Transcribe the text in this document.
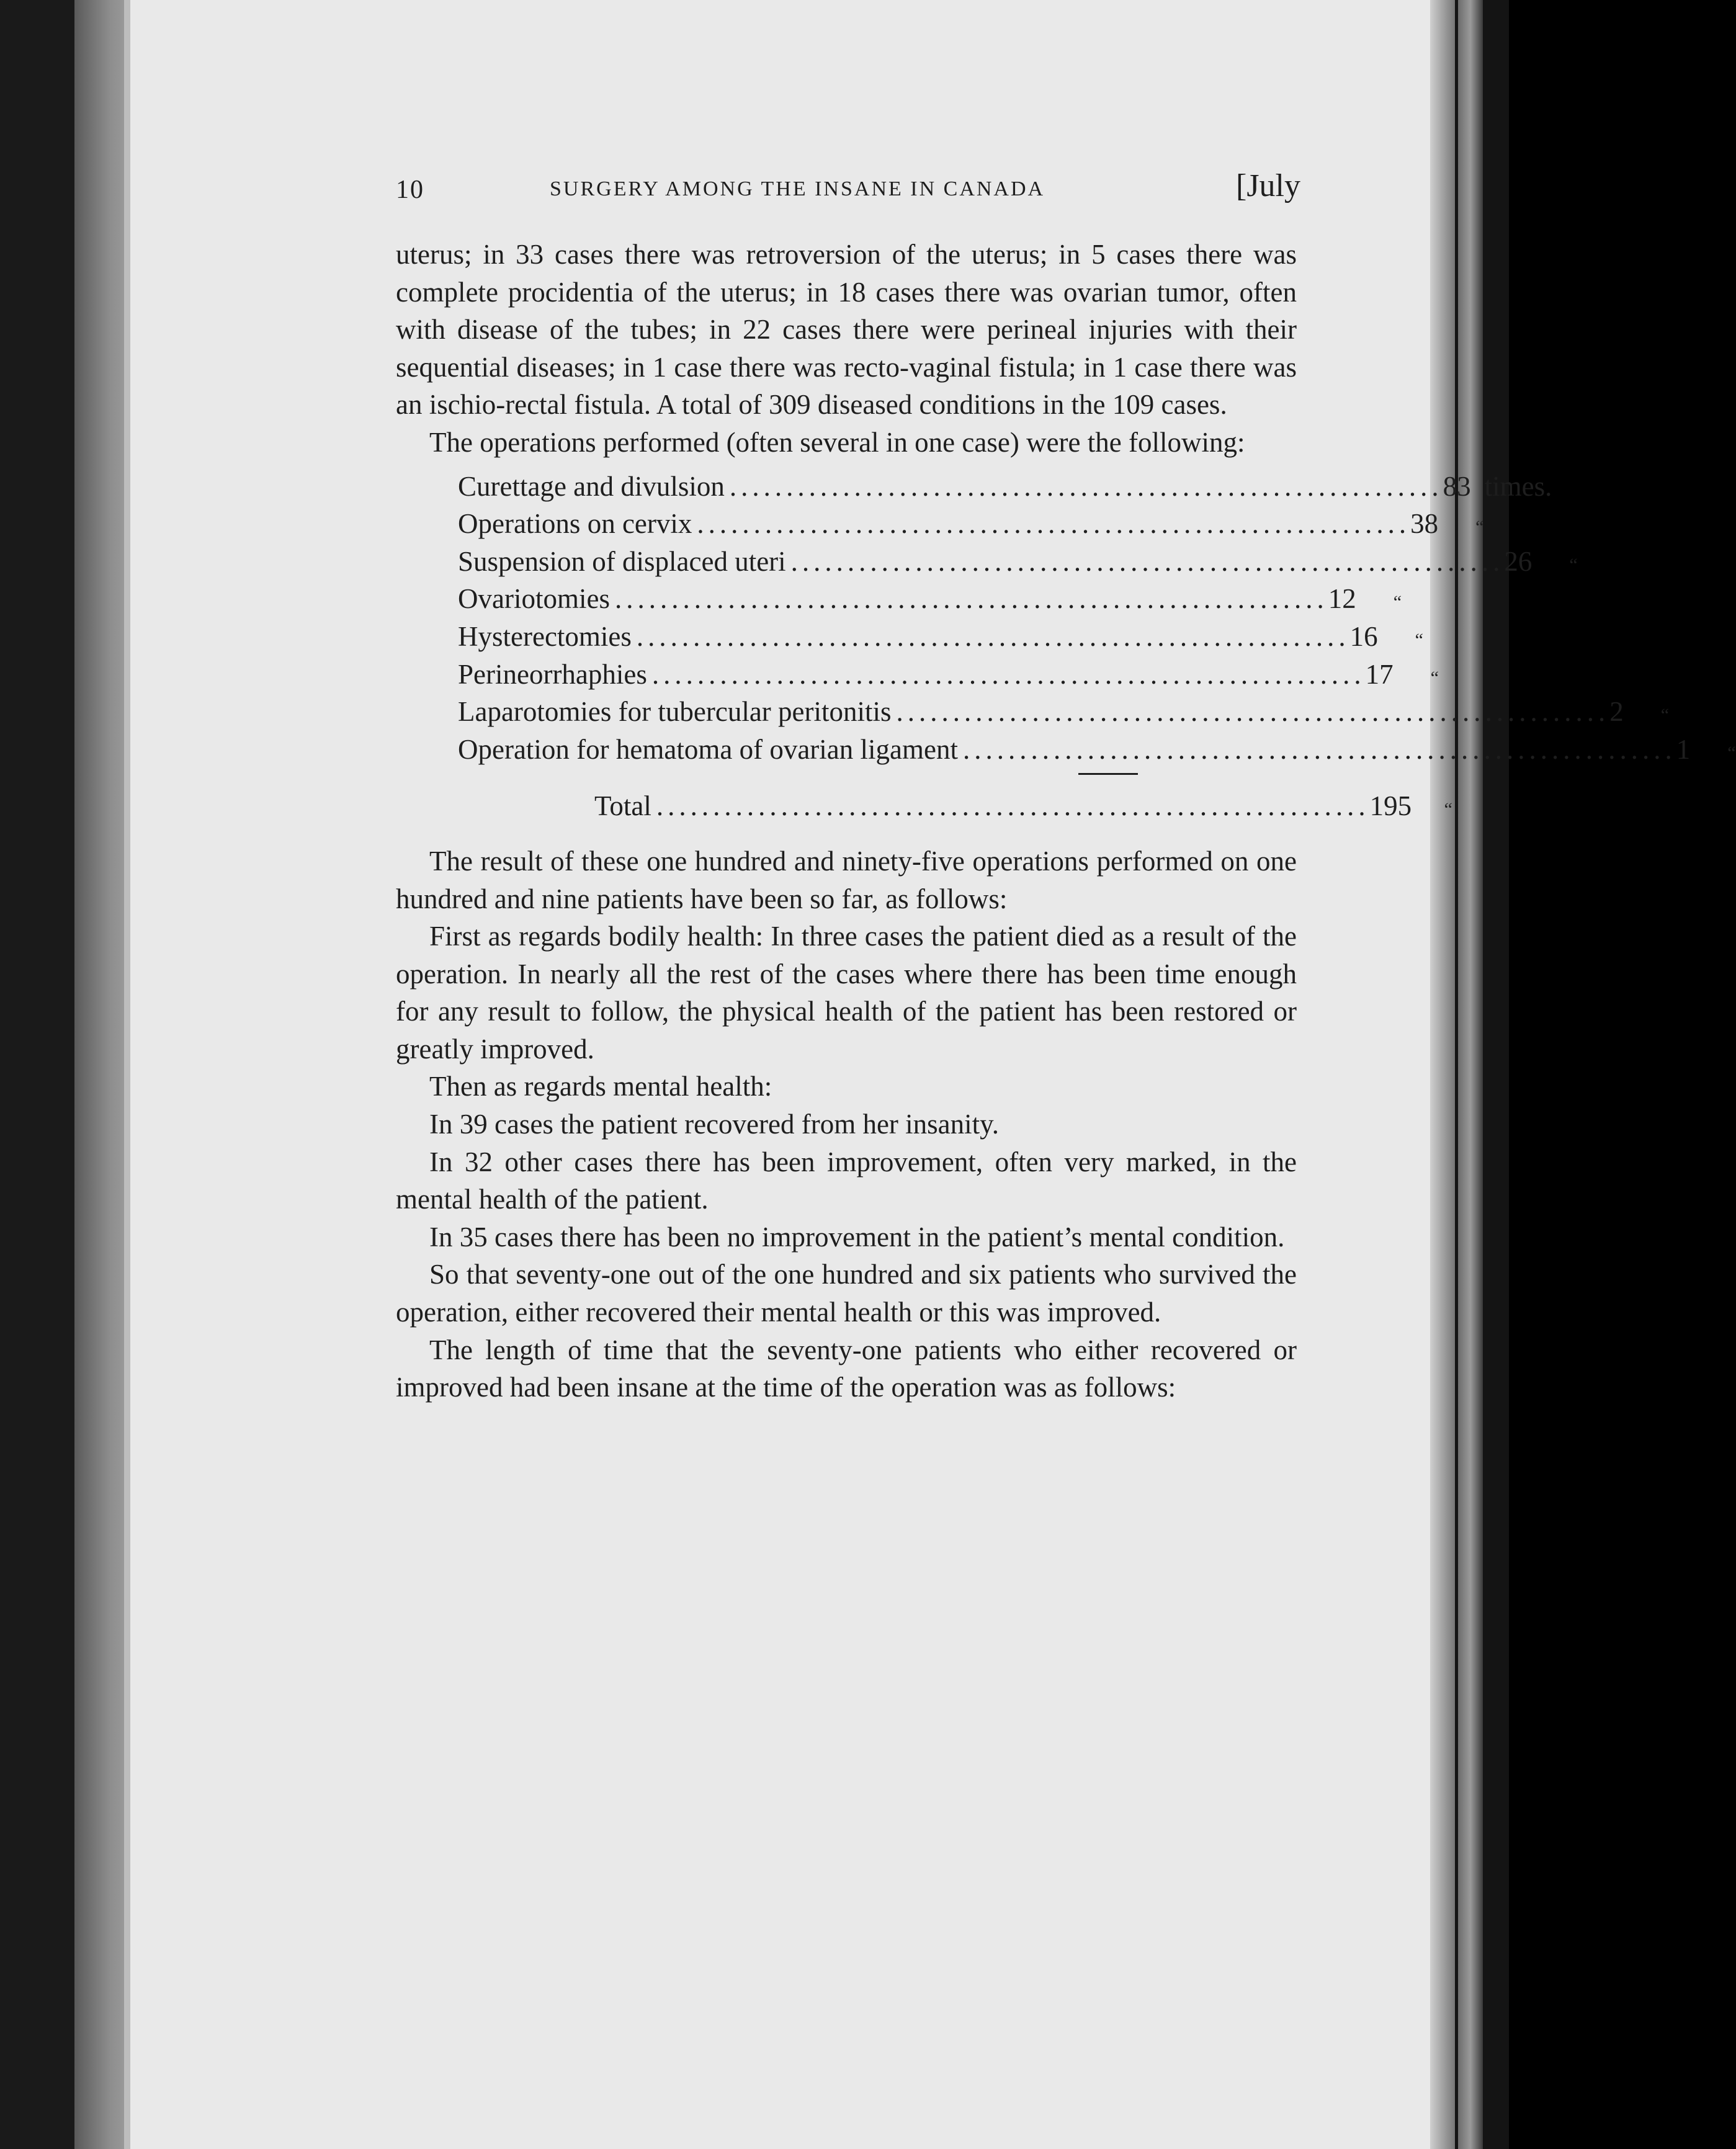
10	SURGERY AMONG THE INSANE IN CANADA	[July

uterus; in 33 cases there was retroversion of the uterus; in 5 cases there was complete procidentia of the uterus; in 18 cases there was ovarian tumor, often with disease of the tubes; in 22 cases there were perineal injuries with their sequential diseases; in 1 case there was recto-vaginal fistula; in 1 case there was an ischio-rectal fistula. A total of 309 diseased conditions in the 109 cases.

The operations performed (often several in one case) were the following:

Curettage and divulsion ............................................................... 83 times.
Operations on cervix ............................................................... 38	“
Suspension of displaced uteri ............................................................... 26	“
Ovariotomies ............................................................... 12	“
Hysterectomies ............................................................... 16	“
Perineorrhaphies ............................................................... 17	“
Laparotomies for tubercular peritonitis ............................................................... 2	“
Operation for hematoma of ovarian ligament ............................................................... 1	“
Total ............................................................... 195	“

The result of these one hundred and ninety-five operations performed on one hundred and nine patients have been so far, as follows:

First as regards bodily health: In three cases the patient died as a result of the operation. In nearly all the rest of the cases where there has been time enough for any result to follow, the physical health of the patient has been restored or greatly improved.

Then as regards mental health:

In 39 cases the patient recovered from her insanity.

In 32 other cases there has been improvement, often very marked, in the mental health of the patient.

In 35 cases there has been no improvement in the patient’s mental condition.

So that seventy-one out of the one hundred and six patients who survived the operation, either recovered their mental health or this was improved.

The length of time that the seventy-one patients who either recovered or improved had been insane at the time of the operation was as follows:
